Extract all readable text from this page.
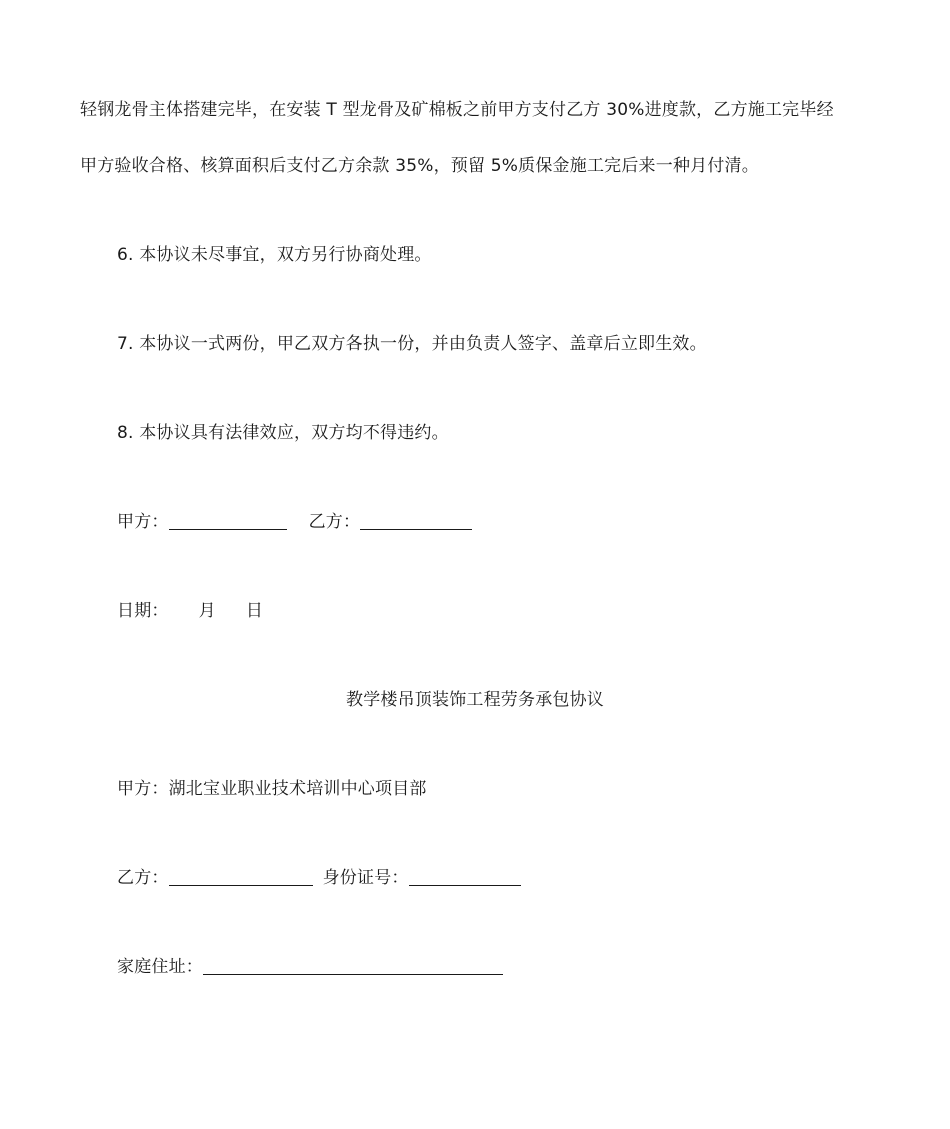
轻钢龙骨主体搭建完毕，在安装 T 型龙骨及矿棉板之前甲方支付乙方 30%进度款，乙方施工完毕经
甲方验收合格、核算面积后支付乙方余款 35%，预留 5%质保金施工完后来一种月付清。
6. 本协议未尽事宜，双方另行协商处理。
7. 本协议一式两份，甲乙双方各执一份，并由负责人签字、盖章后立即生效。
8. 本协议具有法律效应，双方均不得违约。
甲方：	乙方：
日期： 月 日
教学楼吊顶装饰工程劳务承包协议
甲方：湖北宝业职业技术培训中心项目部
乙方：	身份证号：
家庭住址：
